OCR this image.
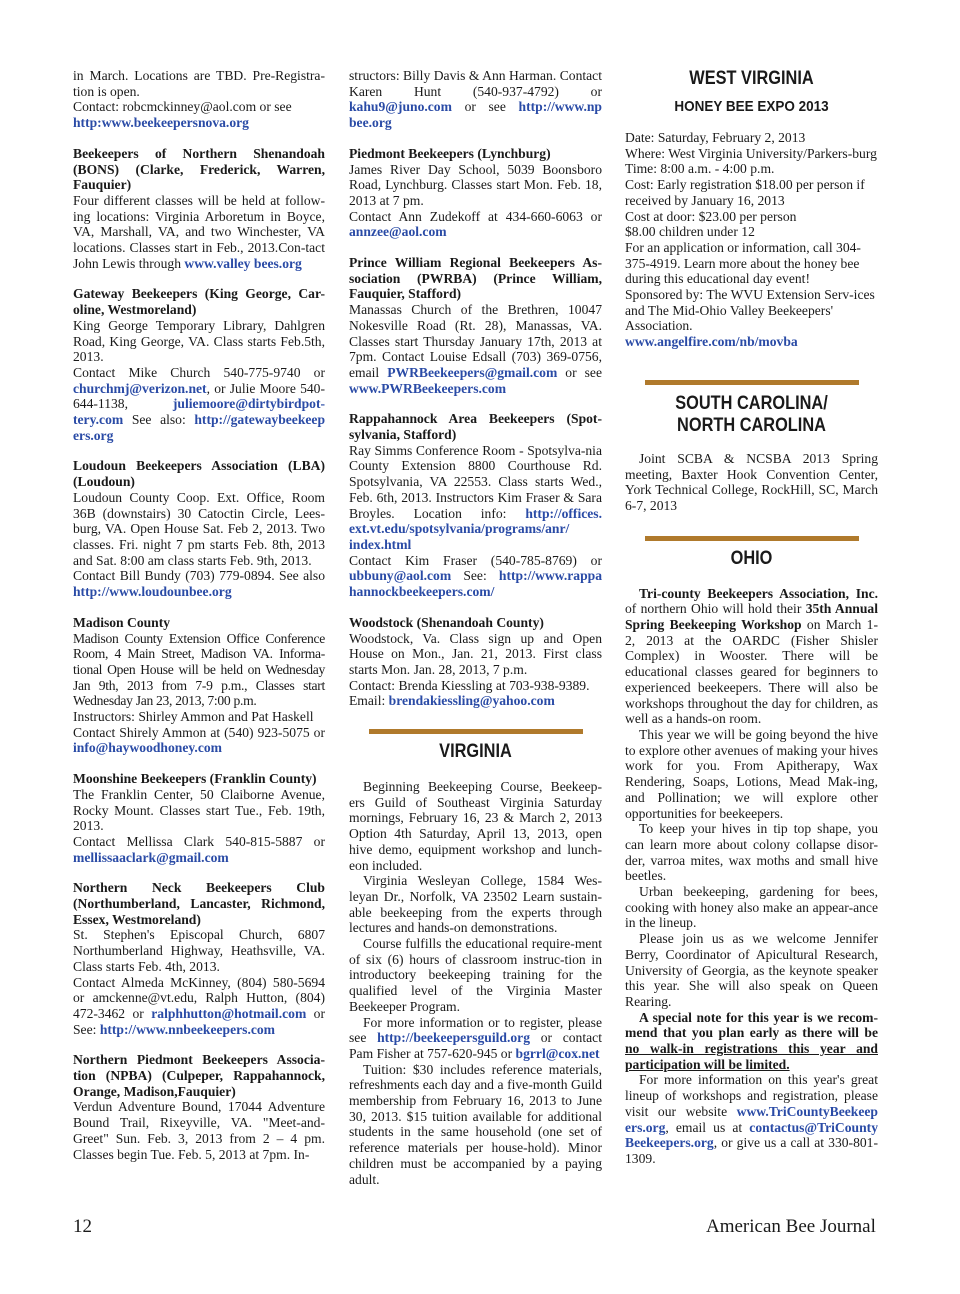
in March. Locations are TBD. Pre-Registra- tion is open.
Contact: robcmckinney@aol.com or see
http:www.beekeepersnova.org

Beekeepers of Northern Shenandoah (BONS) (Clarke, Frederick, Warren, Fauquier)

Four different classes will be held at follow-ing locations: Virginia Arboretum in Boyce, VA, Marshall, VA, and two Winchester, VA locations. Classes start in Feb., 2013.Con-tact John Lewis through www.valley bees.org

Gateway Beekeepers (King George, Car-oline, Westmoreland)

King George Temporary Library, Dahlgren Road, King George, VA. Class starts Feb.5th, 2013.

Contact Mike Church 540-775-9740 or churchmj@verizon.net, or Julie Moore 540-644-1138,	juliemoore@dirtybirdpot-tery.com See also: http://gatewaybeekeep ers.org

Loudoun Beekeepers Association (LBA) (Loudoun)

Loudoun County Coop. Ext. Office, Room 36B (downstairs) 30 Catoctin Circle, Lees-burg, VA. Open House Sat. Feb 2, 2013. Two classes. Fri. night 7 pm starts Feb. 8th, 2013 and Sat. 8:00 am class starts Feb. 9th, 2013.

Contact Bill Bundy (703) 779-0894. See also http://www.loudounbee.org

Madison County

Madison County Extension Office Conference Room, 4 Main Street, Madison VA. Informa-tional Open House will be held on Wednesday Jan 9th, 2013 from 7-9 p.m., Classes start Wednesday Jan 23, 2013, 7:00 p.m.

Instructors: Shirley Ammon and Pat Haskell

Contact Shirely Ammon at (540) 923-5075 or info@haywoodhoney.com

Moonshine Beekeepers (Franklin County)

The Franklin Center, 50 Claiborne Avenue, Rocky Mount. Classes start Tue., Feb. 19th, 2013.

Contact Mellissa Clark 540-815-5887 or mellissaaclark@gmail.com

Northern Neck Beekeepers Club (Northumberland, Lancaster, Richmond, Essex, Westmoreland)

St. Stephen's Episcopal Church, 6807 Northumberland Highway, Heathsville, VA. Class starts Feb. 4th, 2013.

Contact Almeda McKinney, (804) 580-5694 or amckenne@vt.edu, Ralph Hutton, (804) 472-3462 or ralphhutton@hotmail.com or See: http://www.nnbeekeepers.com

Northern Piedmont Beekeepers Associa-tion (NPBA) (Culpeper, Rappahannock, Orange, Madison,Fauquier)

Verdun Adventure Bound, 17044 Adventure Bound Trail, Rixeyville, VA. "Meet-and-Greet" Sun. Feb. 3, 2013 from 2 – 4 pm. Classes begin Tue. Feb. 5, 2013 at 7pm. In-

structors: Billy Davis & Ann Harman. Contact Karen Hunt (540-937-4792) or kahu9@juno.com or see http://www.np bee.org

Piedmont Beekeepers (Lynchburg)

James River Day School, 5039 Boonsboro Road, Lynchburg. Classes start Mon. Feb. 18, 2013 at 7 pm.

Contact Ann Zudekoff at 434-660-6063 or annzee@aol.com

Prince William Regional Beekeepers As-sociation (PWRBA) (Prince William, Fauquier, Stafford)

Manassas Church of the Brethren, 10047 Nokesville Road (Rt. 28), Manassas, VA. Classes start Thursday January 17th, 2013 at 7pm. Contact Louise Edsall (703) 369-0756, email PWRBeekeepers@gmail.com or see www.PWRBeekeepers.com

Rappahannock Area Beekeepers (Spot-sylvania, Stafford)

Ray Simms Conference Room - Spotsylva-nia County Extension 8800 Courthouse Rd. Spotsylvania, VA 22553. Class starts Wed., Feb. 6th, 2013. Instructors Kim Fraser & Sara Broyles. Location info: http://offices. ext.vt.edu/spotsylvania/programs/anr/ index.html

Contact Kim Fraser (540-785-8769) or ubbuny@aol.com See: http://www.rappa hannockbeekeepers.com/

Woodstock (Shenandoah County)

Woodstock, Va. Class sign up and Open House on Mon., Jan. 21, 2013. First class starts Mon. Jan. 28, 2013, 7 p.m.

Contact: Brenda Kiessling at 703-938-9389.

Email: brendakiessling@yahoo.com

VIRGINIA

Beginning Beekeeping Course, Beekeep-ers Guild of Southeast Virginia Saturday mornings, February 16, 23 & March 2, 2013 Option 4th Saturday, April 13, 2013, open hive demo, equipment workshop and lunch-eon included.

Virginia Wesleyan College, 1584 Wes-leyan Dr., Norfolk, VA 23502 Learn sustain-able beekeeping from the experts through lectures and hands-on demonstrations.

Course fulfills the educational require-ment of six (6) hours of classroom instruc-tion in introductory beekeeping training for the qualified level of the Virginia Master Beekeeper Program.

For more information or to register, please see http://beekeepersguild.org or contact Pam Fisher at 757-620-945 or bgrrl@cox.net

Tuition: $30 includes reference materials, refreshments each day and a five-month Guild membership from February 16, 2013 to June 30, 2013. $15 tuition available for additional students in the same household (one set of reference materials per house-hold). Minor children must be accompanied by a paying adult.

WEST VIRGINIA

HONEY BEE EXPO 2013

Date: Saturday, February 2, 2013

Where: West Virginia University/Parkers-burg

Time: 8:00 a.m. - 4:00 p.m.

Cost: Early registration $18.00 per person if received by January 16, 2013

Cost at door: $23.00 per person

$8.00 children under 12

For an application or information, call 304-375-4919. Learn more about the honey bee during this educational day event!

Sponsored by: The WVU Extension Serv-ices and The Mid-Ohio Valley Beekeepers' Association.

www.angelfire.com/nb/movba

SOUTH CAROLINA/

NORTH CAROLINA

Joint SCBA & NCSBA 2013 Spring meeting, Baxter Hook Convention Center, York Technical College, RockHill, SC, March 6-7, 2013

OHIO

Tri-county Beekeepers Association, Inc. of northern Ohio will hold their 35th Annual Spring Beekeeping Workshop on March 1-2, 2013 at the OARDC (Fisher Shisler Complex) in Wooster. There will be educational classes geared for beginners to experienced beekeepers. There will also be workshops throughout the day for children, as well as a hands-on room.

This year we will be going beyond the hive to explore other avenues of making your hives work for you. From Apitherapy, Wax Rendering, Soaps, Lotions, Mead Mak-ing, and Pollination; we will explore other opportunities for beekeepers.

To keep your hives in tip top shape, you can learn more about colony collapse disor-der, varroa mites, wax moths and small hive beetles.

Urban beekeeping, gardening for bees, cooking with honey also make an appear-ance in the lineup.

Please join us as we welcome Jennifer Berry, Coordinator of Apicultural Research, University of Georgia, as the keynote speaker this year. She will also speak on Queen Rearing.

A special note for this year is we recom-mend that you plan early as there will be no walk-in registrations this year and participation will be limited.

For more information on this year's great lineup of workshops and registration, please visit our website www.TriCountyBeekeep ers.org, email us at contactus@TriCounty Beekeepers.org, or give us a call at 330-801-1309.

12	American Bee Journal
